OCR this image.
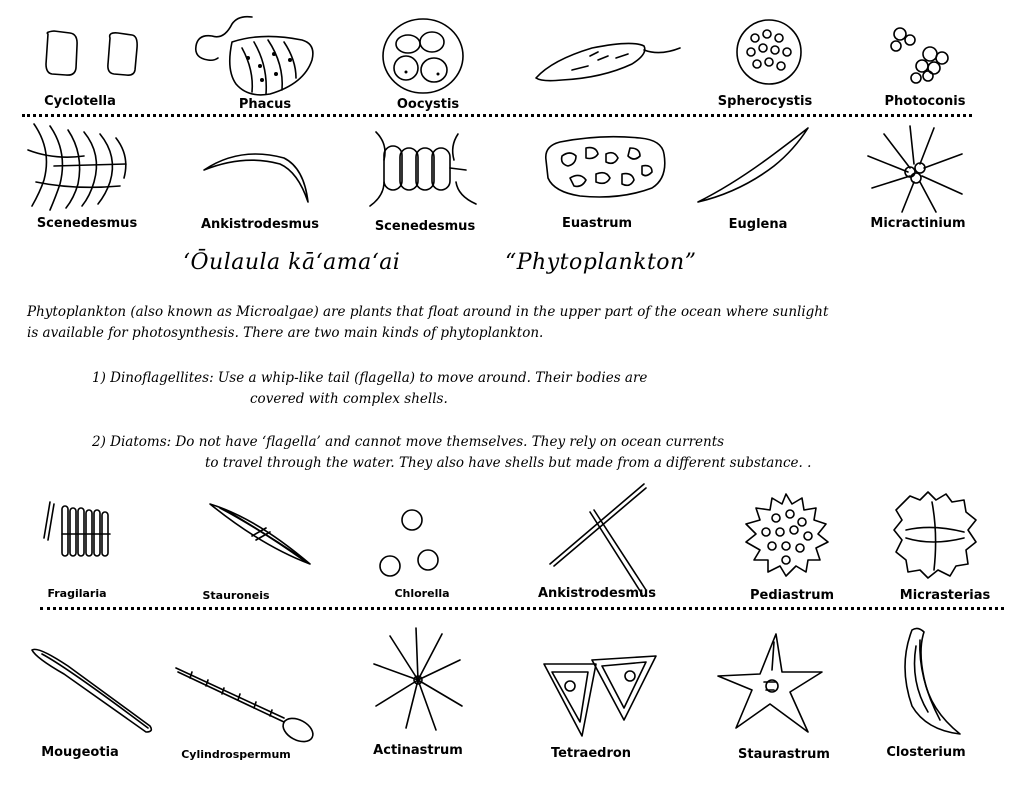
Cyclotella	Phacus	Oocystis	Spherocystis	Photoconis
Scenedesmus	Ankistrodesmus	Scenedesmus	Euastrum	Euglena	Micractinium
‘Ōulaula kā‘ama‘ai	“Phytoplankton”
Phytoplankton (also known as Microalgae) are plants that float around in the upper part of the ocean where sunlight
is available for photosynthesis. There are two main kinds of phytoplankton.
1) Dinoflagellites: Use a whip-like tail (flagella) to move around. Their bodies are
covered with complex shells.
2) Diatoms: Do not have ‘flagella’ and cannot move themselves. They rely on ocean currents
to travel through the water. They also have shells but made from a different substance. .
Fragilaria	Stauroneis	Chlorella	Ankistrodesmus	Pediastrum	Micrasterias
Mougeotia	Cylindrospermum	Actinastrum	Tetraedron	Staurastrum	Closterium
